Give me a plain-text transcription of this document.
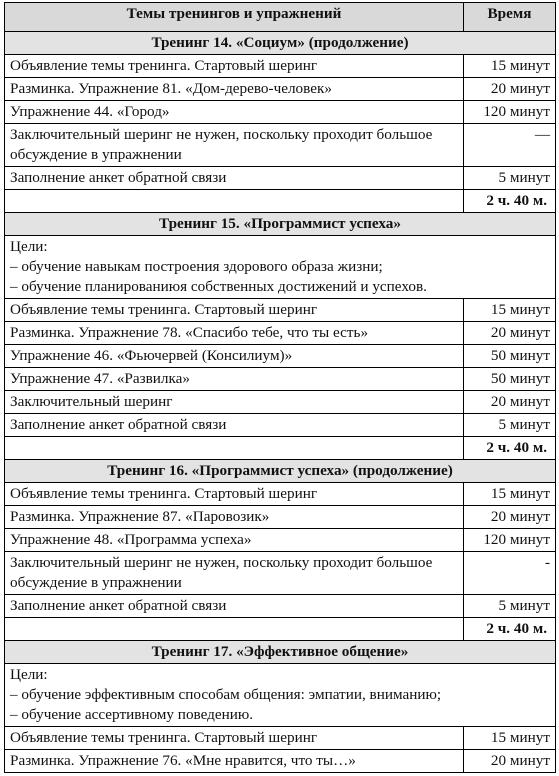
Темы тренингов и упражнений	Время
Тренинг 14. «Социум» (продолжение)	
Объявление темы тренинга. Стартовый шеринг	15 минут
Разминка. Упражнение 81. «Дом-дерево-человек»	20 минут
Упражнение 44. «Город»	120 минут
Заключительный шеринг не нужен, поскольку проходит большое обсуждение в упражнении	—
Заполнение анкет обратной связи	5 минут
	2 ч. 40 м.
Тренинг 15. «Программист успеха»	

Цели:
– обучение навыкам построения здорового образа жизни;
– обучение планированиюя собственных достижений и успехов.	

Объявление темы тренинга. Стартовый шеринг	15 минут
Разминка. Упражнение 78. «Спасибо тебе, что ты есть»	20 минут
Упражнение 46. «Фьючервей (Консилиум)»	50 минут
Упражнение 47. «Развилка»	50 минут
Заключительный шеринг	20 минут
Заполнение анкет обратной связи	5 минут
	2 ч. 40 м.
Тренинг 16. «Программист успеха» (продолжение)	
Объявление темы тренинга. Стартовый шеринг	15 минут
Разминка. Упражнение 87. «Паровозик»	20 минут
Упражнение 48. «Программа успеха»	120 минут
Заключительный шеринг не нужен, поскольку проходит большое обсуждение в упражнении	-
Заполнение анкет обратной связи	5 минут
	2 ч. 40 м.
Тренинг 17. «Эффективное общение»	

Цели:
– обучение эффективным способам общения: эмпатии, вниманию;
– обучение ассертивному поведению.	

Объявление темы тренинга. Стартовый шеринг	15 минут
Разминка. Упражнение 76. «Мне нравится, что ты…»	20 минут
